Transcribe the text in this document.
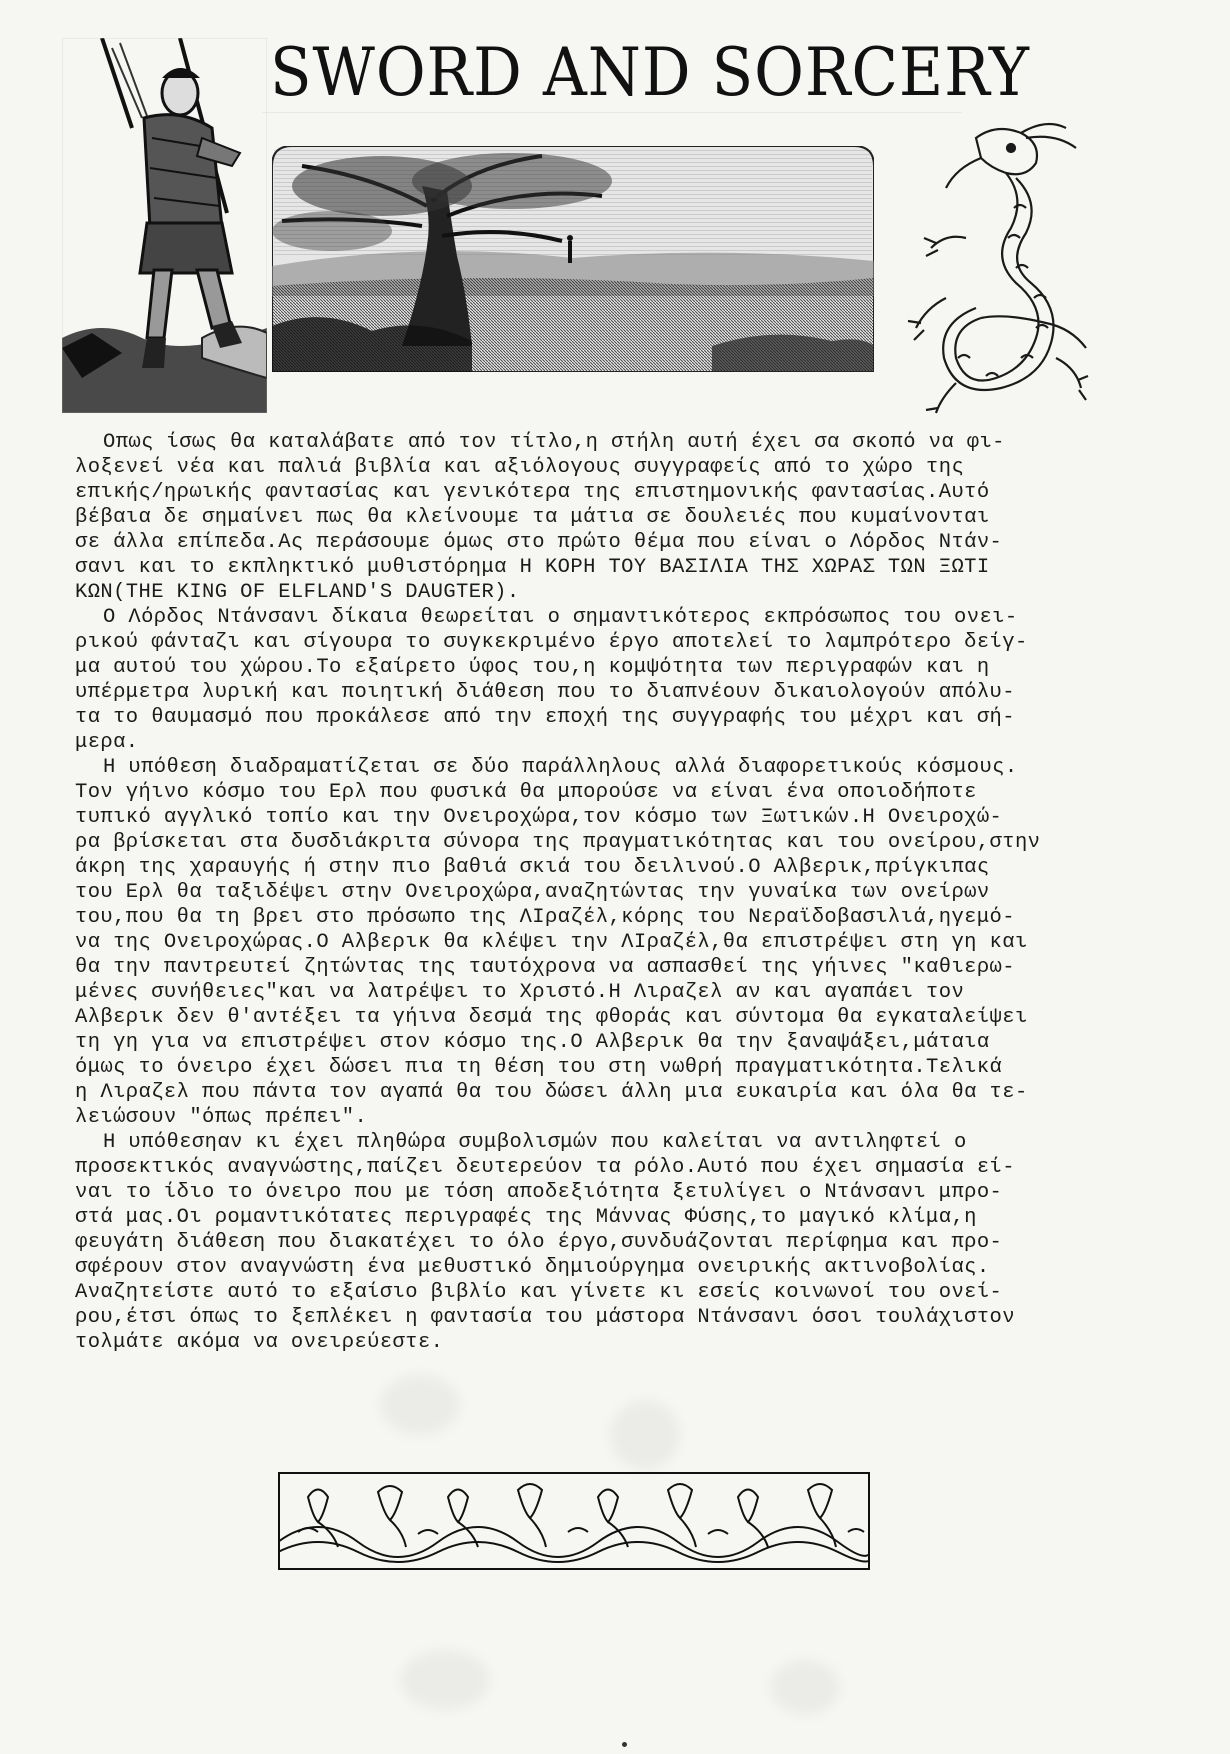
SWORD AND SORCERY

Οπως ίσως θα καταλάβατε από τον τίτλο,η στήλη αυτή έχει σα σκοπό να φι-
λοξενεί νέα και παλιά βιβλία και αξιόλογους συγγραφείς από το χώρο της
επικής/ηρωικής φαντασίας και γενικότερα της επιστημονικής φαντασίας.Αυτό
βέβαια δε σημαίνει πως θα κλείνουμε τα μάτια σε δουλειές που κυμαίνονται
σε άλλα επίπεδα.Ας περάσουμε όμως στο πρώτο θέμα που είναι ο Λόρδος Ντάν-
σανι και το εκπληκτικό μυθιστόρημα Η ΚΟΡΗ ΤΟΥ ΒΑΣΙΛΙΑ ΤΗΣ ΧΩΡΑΣ ΤΩΝ ΞΩΤΙ
ΚΩΝ(THE KING OF ELFLAND'S DAUGTER).

Ο Λόρδος Ντάνσανι δίκαια θεωρείται ο σημαντικότερος εκπρόσωπος του ονει-
ρικού φάνταζι και σίγουρα το συγκεκριμένο έργο αποτελεί το λαμπρότερο δείγ-
μα αυτού του χώρου.Το εξαίρετο ύφος του,η κομψότητα των περιγραφών και η
υπέρμετρα λυρική και ποιητική διάθεση που το διαπνέουν δικαιολογούν απόλυ-
τα το θαυμασμό που προκάλεσε από την εποχή της συγγραφής του μέχρι και σή-
μερα.

Η υπόθεση διαδραματίζεται σε δύο παράλληλους αλλά διαφορετικούς κόσμους.
Τον γήινο κόσμο του Ερλ που φυσικά θα μπορούσε να είναι ένα οποιοδήποτε
τυπικό αγγλικό τοπίο και την Ονειροχώρα,τον κόσμο των Ξωτικών.Η Ονειροχώ-
ρα βρίσκεται στα δυσδιάκριτα σύνορα της πραγματικότητας και του ονείρου,στην
άκρη της χαραυγής ή στην πιο βαθιά σκιά του δειλινού.Ο Αλβερικ,πρίγκιπας
του Ερλ θα ταξιδέψει στην Ονειροχώρα,αναζητώντας την γυναίκα των ονείρων
του,που θα τη βρει στο πρόσωπο της ΛΙραζέλ,κόρης του Νεραϊδοβασιλιά,ηγεμό-
να της Ονειροχώρας.Ο Αλβερικ θα κλέψει την ΛΙραζέλ,θα επιστρέψει στη γη και
θα την παντρευτεί ζητώντας της ταυτόχρονα να ασπασθεί της γήινες "καθιερω-
μένες συνήθειες"και να λατρέψει το Χριστό.Η Λιραζελ αν και αγαπάει τον
Αλβερικ δεν θ'αντέξει τα γήινα δεσμά της φθοράς και σύντομα θα εγκαταλείψει
τη γη για να επιστρέψει στον κόσμο της.Ο Αλβερικ θα την ξαναψάξει,μάταια
όμως το όνειρο έχει δώσει πια τη θέση του στη νωθρή πραγματικότητα.Τελικά
η Λιραζελ που πάντα τον αγαπά θα του δώσει άλλη μια ευκαιρία και όλα θα τε-
λειώσουν "όπως πρέπει".

Η υπόθεσηαν κι έχει πληθώρα συμβολισμών που καλείται να αντιληφτεί ο
προσεκτικός αναγνώστης,παίζει δευτερεύον τα ρόλο.Αυτό που έχει σημασία εί-
ναι το ίδιο το όνειρο που με τόση αποδεξιότητα ξετυλίγει ο Ντάνσανι μπρο-
στά μας.Οι ρομαντικότατες περιγραφές της Μάννας Φύσης,το μαγικό κλίμα,η
φευγάτη διάθεση που διακατέχει το όλο έργο,συνδυάζονται περίφημα και προ-
σφέρουν στον αναγνώστη ένα μεθυστικό δημιούργημα ονειρικής ακτινοβολίας.
Αναζητείστε αυτό το εξαίσιο βιβλίο και γίνετε κι εσείς κοινωνοί του ονεί-
ρου,έτσι όπως το ξεπλέκει η φαντασία του μάστορα Ντάνσανι όσοι τουλάχιστον
τολμάτε ακόμα να ονειρεύεστε.
